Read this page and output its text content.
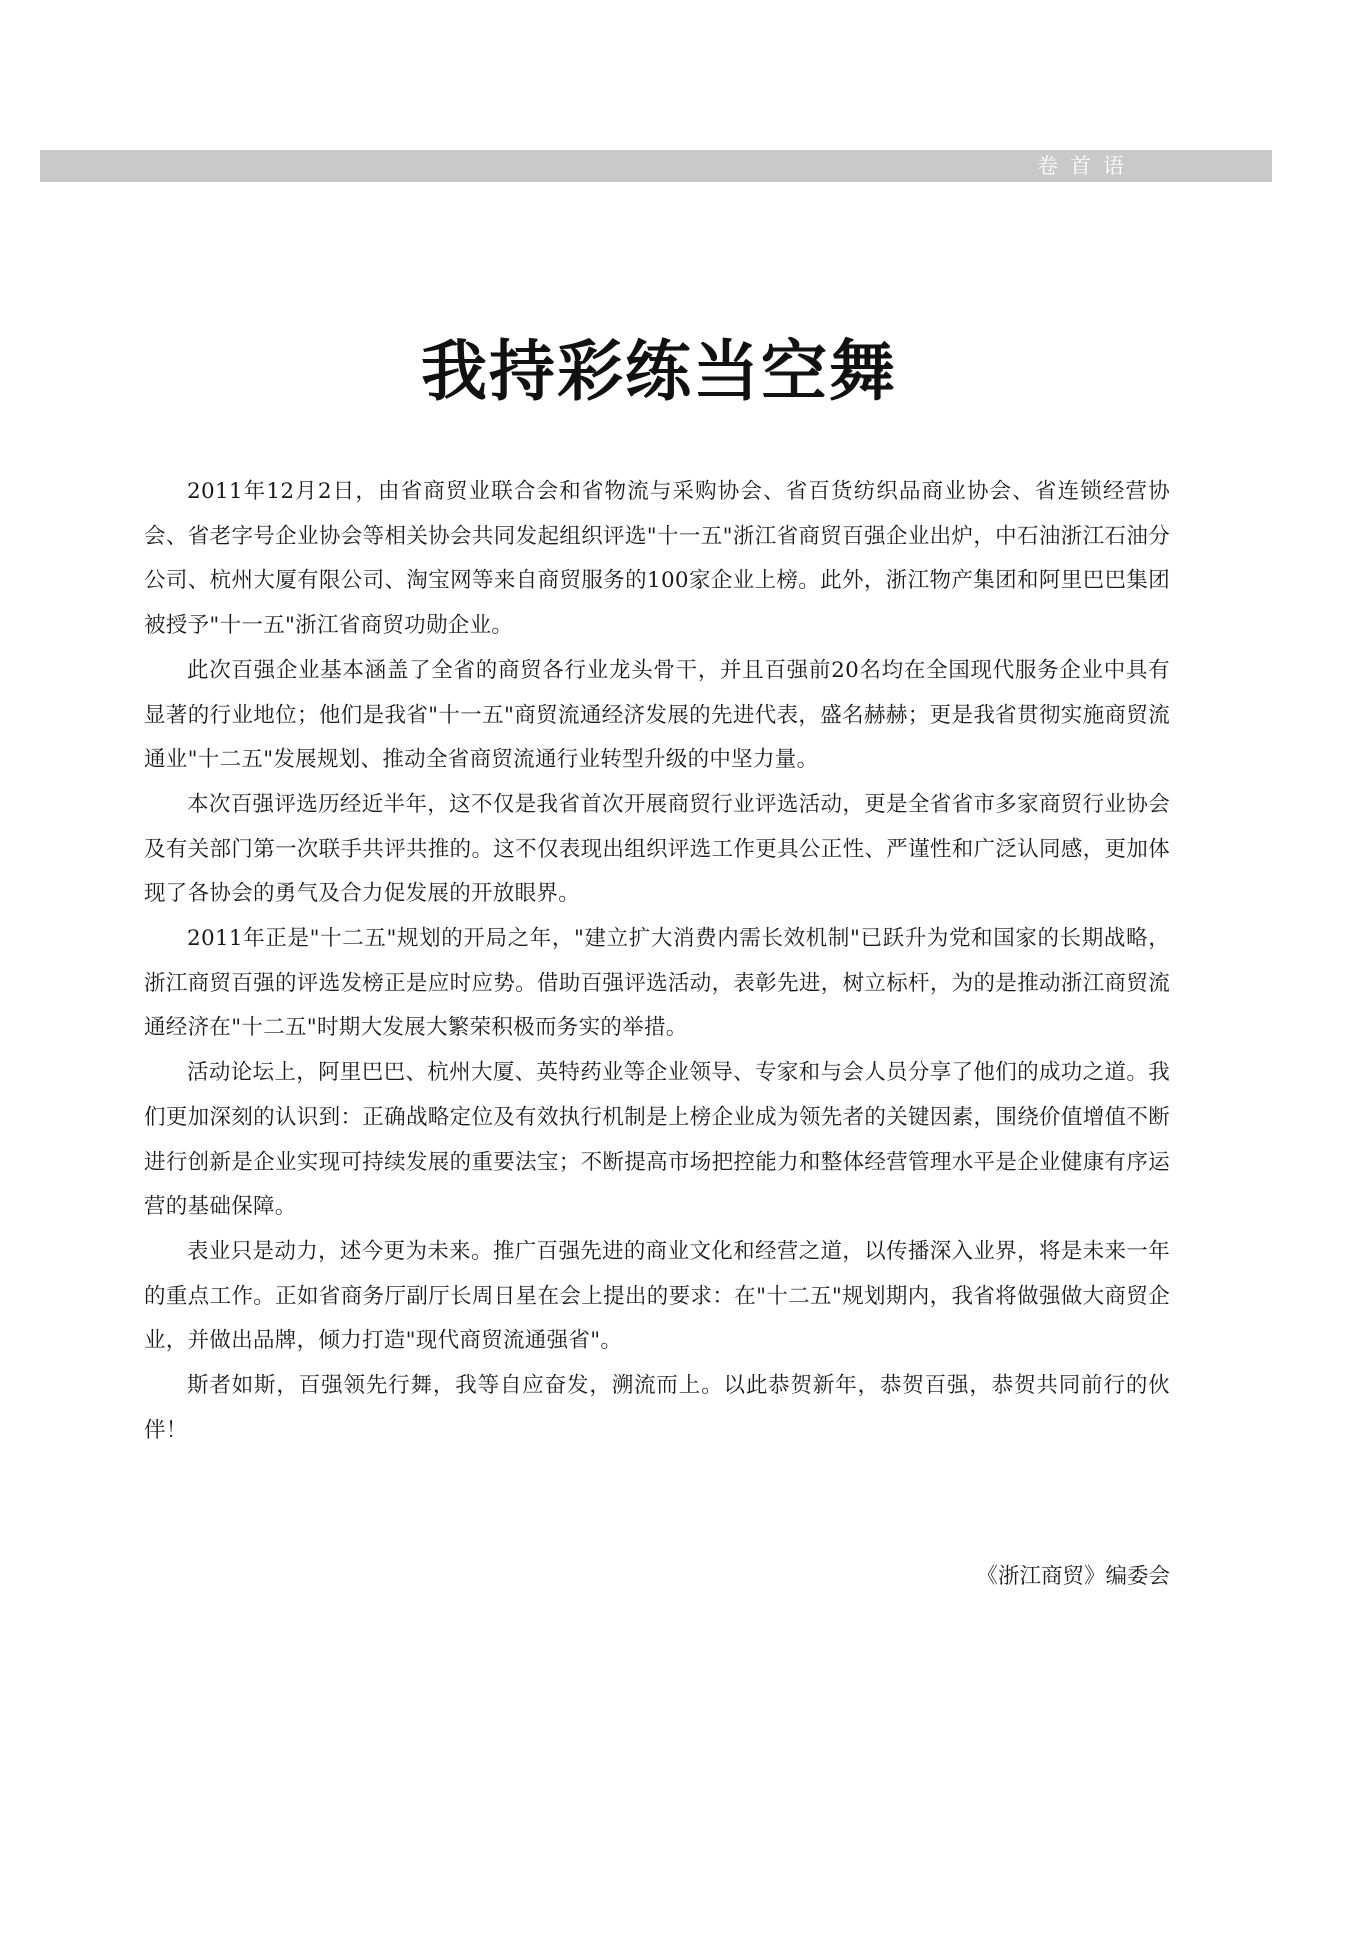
卷首语
我持彩练当空舞

2011年12月2日，由省商贸业联合会和省物流与采购协会、省百货纺织品商业协会、省连锁经营协会、省老字号企业协会等相关协会共同发起组织评选"十一五"浙江省商贸百强企业出炉，中石油浙江石油分公司、杭州大厦有限公司、淘宝网等来自商贸服务的100家企业上榜。此外，浙江物产集团和阿里巴巴集团被授予"十一五"浙江省商贸功勋企业。

此次百强企业基本涵盖了全省的商贸各行业龙头骨干，并且百强前20名均在全国现代服务企业中具有显著的行业地位；他们是我省"十一五"商贸流通经济发展的先进代表，盛名赫赫；更是我省贯彻实施商贸流通业"十二五"发展规划、推动全省商贸流通行业转型升级的中坚力量。

本次百强评选历经近半年，这不仅是我省首次开展商贸行业评选活动，更是全省省市多家商贸行业协会及有关部门第一次联手共评共推的。这不仅表现出组织评选工作更具公正性、严谨性和广泛认同感，更加体现了各协会的勇气及合力促发展的开放眼界。

2011年正是"十二五"规划的开局之年，"建立扩大消费内需长效机制"已跃升为党和国家的长期战略，浙江商贸百强的评选发榜正是应时应势。借助百强评选活动，表彰先进，树立标杆，为的是推动浙江商贸流通经济在"十二五"时期大发展大繁荣积极而务实的举措。

活动论坛上，阿里巴巴、杭州大厦、英特药业等企业领导、专家和与会人员分享了他们的成功之道。我们更加深刻的认识到：正确战略定位及有效执行机制是上榜企业成为领先者的关键因素，围绕价值增值不断进行创新是企业实现可持续发展的重要法宝；不断提高市场把控能力和整体经营管理水平是企业健康有序运营的基础保障。

表业只是动力，述今更为未来。推广百强先进的商业文化和经营之道，以传播深入业界，将是未来一年的重点工作。正如省商务厅副厅长周日星在会上提出的要求：在"十二五"规划期内，我省将做强做大商贸企业，并做出品牌，倾力打造"现代商贸流通强省"。

斯者如斯，百强领先行舞，我等自应奋发，溯流而上。以此恭贺新年，恭贺百强，恭贺共同前行的伙伴！

《浙江商贸》编委会
